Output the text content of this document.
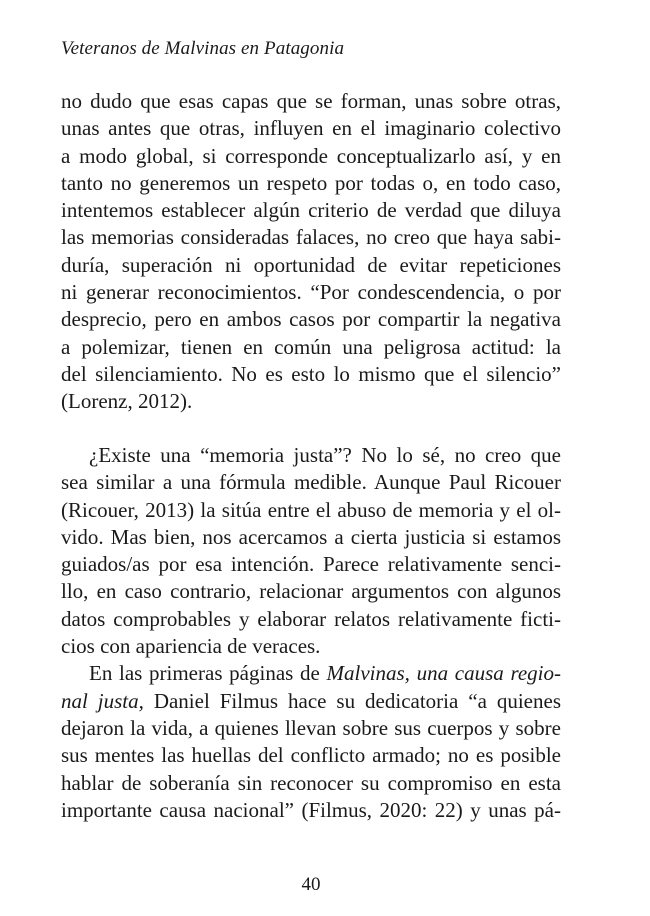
Veteranos de Malvinas en Patagonia
no dudo que esas capas que se forman, unas sobre otras,
unas antes que otras, influyen en el imaginario colectivo
a modo global, si corresponde conceptualizarlo así, y en
tanto no generemos un respeto por todas o, en todo caso,
intentemos establecer algún criterio de verdad que diluya
las memorias consideradas falaces, no creo que haya sabi-
duría, superación ni oportunidad de evitar repeticiones
ni generar reconocimientos. “Por condescendencia, o por
desprecio, pero en ambos casos por compartir la negativa
a polemizar, tienen en común una peligrosa actitud: la
del silenciamiento. No es esto lo mismo que el silencio”
(Lorenz, 2012).
¿Existe una “memoria justa”? No lo sé, no creo que
sea similar a una fórmula medible. Aunque Paul Ricouer
(Ricouer, 2013) la sitúa entre el abuso de memoria y el ol-
vido. Mas bien, nos acercamos a cierta justicia si estamos
guiados/as por esa intención. Parece relativamente senci-
llo, en caso contrario, relacionar argumentos con algunos
datos comprobables y elaborar relatos relativamente ficti-
cios con apariencia de veraces.
En las primeras páginas de Malvinas, una causa regio-
nal justa, Daniel Filmus hace su dedicatoria “a quienes
dejaron la vida, a quienes llevan sobre sus cuerpos y sobre
sus mentes las huellas del conflicto armado; no es posible
hablar de soberanía sin reconocer su compromiso en esta
importante causa nacional” (Filmus, 2020: 22) y unas pá-
40
